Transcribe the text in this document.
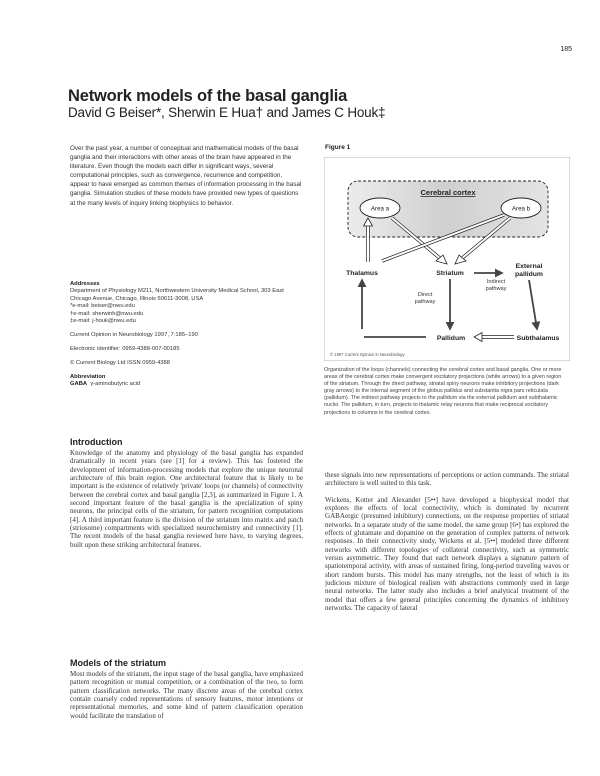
185
Network models of the basal ganglia
David G Beiser*, Sherwin E Hua† and James C Houk‡
Over the past year, a number of conceptual and mathematical models of the basal ganglia and their interactions with other areas of the brain have appeared in the literature. Even though the models each differ in significant ways, several computational principles, such as convergence, recurrence and competition, appear to have emerged as common themes of information processing in the basal ganglia. Simulation studies of these models have provided new types of questions at the many levels of inquiry linking biophysics to behavior.

Addresses

Department of Physiology M211, Northwestern University Medical School, 303 East Chicago Avenue, Chicago, Illinois 60611-3008, USA

*e-mail: beiser@nwu.edu

†e-mail: sherwinh@nwu.edu

‡e-mail: j-houk@nwu.edu

Current Opinion in Neurobiology 1997, 7:185–190

Electronic identifier: 0959-4388-007-00185

© Current Biology Ltd ISSN 0959-4388

Abbreviation

GABA γ-aminobutyric acid

Introduction
Knowledge of the anatomy and physiology of the basal ganglia has expanded dramatically in recent years (see [1] for a review). This has fostered the development of information-processing models that explore the unique neuronal architecture of this brain region. One architectural feature that is likely to be important is the existence of relatively 'private' loops (or channels) of connectivity between the cerebral cortex and basal ganglia [2,3], as summarized in Figure 1. A second important feature of the basal ganglia is the specialization of spiny neurons, the principal cells of the striatum, for pattern recognition computations [4]. A third important feature is the division of the striatum into matrix and patch (striosome) compartments with specialized neurochemistry and connectivity [1]. The recent models of the basal ganglia reviewed here have, to varying degrees, built upon these striking architectural features.
Models of the striatum
Most models of the striatum, the input stage of the basal ganglia, have emphasized pattern recognition or mutual competition, or a combination of the two, to form pattern classification networks. The many discrete areas of the cerebral cortex contain coarsely coded representations of sensory features, motor intentions or representational memories, and some kind of pattern classification operation would facilitate the translation of

these signals into new representations of perceptions or action commands. The striatal architecture is well suited to this task.

Wickens, Kotter and Alexander [5••] have developed a biophysical model that explores the effects of local connectivity, which is dominated by recurrent GABAergic (presumed inhibitory) connections, on the response properties of striatal networks. In a separate study of the same model, the same group [6•] has explored the effects of glutamate and dopamine on the generation of complex patterns of network responses. In their connectivity study, Wickens et al. [5••] modeled three different networks with different topologies of collateral connectivity, such as symmetric versus asymmetric. They found that each network displays a signature pattern of spatiotemporal activity, with areas of sustained firing, long-period traveling waves or short random bursts. This model has many strengths, not the least of which is its judicious mixture of biological realism with abstractions commonly used in large neural networks. The latter study also includes a brief analytical treatment of the model that offers a few general principles concerning the dynamics of inhibitory networks. The capacity of lateral

Figure 1
Cerebral cortex
Area a	Area b
Thalamus	Striatum
External
pallidum
Indirect
pathway
Direct
pathway
Pallidum	Subthalamus
© 1997 Current Opinion in Neurobiology
Organization of the loops (channels) connecting the cerebral cortex and basal ganglia. One or more areas of the cerebral cortex make convergent excitatory projections (white arrows) to a given region of the striatum. Through the direct pathway, striatal spiny neurons make inhibitory projections (dark gray arrows) to the internal segment of the globus pallidus and substantia nigra pars reticulata (pallidum). The indirect pathway projects to the pallidum via the external pallidum and subthalamic nuclei. The pallidum, in turn, projects to thalamic relay neurons that make reciprocal excitatory projections to columns in the cerebral cortex.
